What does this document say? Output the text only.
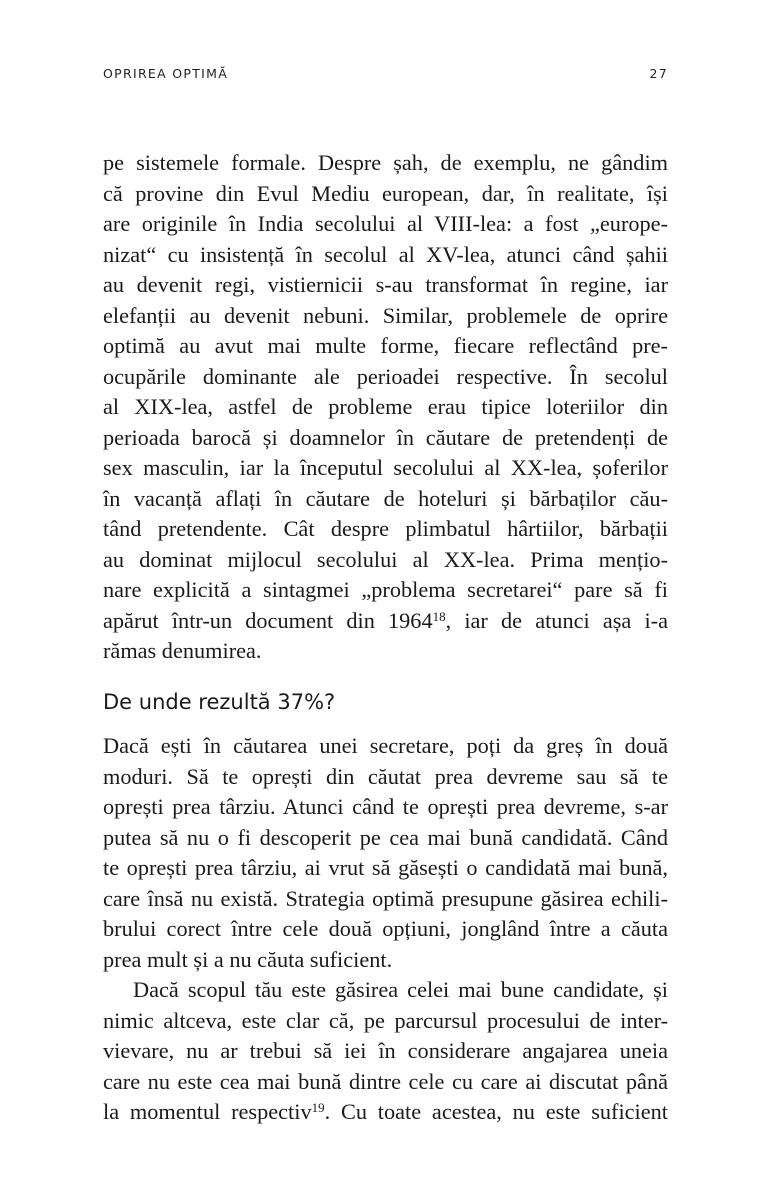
OPRIREA OPTIMĂ	27
pe sistemele formale. Despre șah, de exemplu, ne gândim
că provine din Evul Mediu european, dar, în realitate, își
are originile în India secolului al VIII-lea: a fost „europe-
nizat“ cu insistență în secolul al XV-lea, atunci când șahii
au devenit regi, vistiernicii s-au transformat în regine, iar
elefanții au devenit nebuni. Similar, problemele de oprire
optimă au avut mai multe forme, fiecare reflectând pre-
ocupările dominante ale perioadei respective. În secolul
al XIX-lea, astfel de probleme erau tipice loteriilor din
perioada barocă și doamnelor în căutare de pretendenți de
sex masculin, iar la începutul secolului al XX-lea, șoferilor
în vacanță aflați în căutare de hoteluri și bărbaților cău-
tând pretendente. Cât despre plimbatul hârtiilor, bărbații
au dominat mijlocul secolului al XX-lea. Prima mențio-
nare explicită a sintagmei „problema secretarei“ pare să fi
apărut într-un document din 1964$^{18}$, iar de atunci așa i-a
rămas denumirea.
De unde rezultă 37%?
Dacă ești în căutarea unei secretare, poți da greș în două
moduri. Să te oprești din căutat prea devreme sau să te
oprești prea târziu. Atunci când te oprești prea devreme, s-ar
putea să nu o fi descoperit pe cea mai bună candidată. Când
te oprești prea târziu, ai vrut să găsești o candidată mai bună,
care însă nu există. Strategia optimă presupune găsirea echili-
brului corect între cele două opțiuni, jonglând între a căuta
prea mult și a nu căuta suficient.
Dacă scopul tău este găsirea celei mai bune candidate, și
nimic altceva, este clar că, pe parcursul procesului de inter-
vievare, nu ar trebui să iei în considerare angajarea uneia
care nu este cea mai bună dintre cele cu care ai discutat până
la momentul respectiv$^{19}$. Cu toate acestea, nu este suficient
